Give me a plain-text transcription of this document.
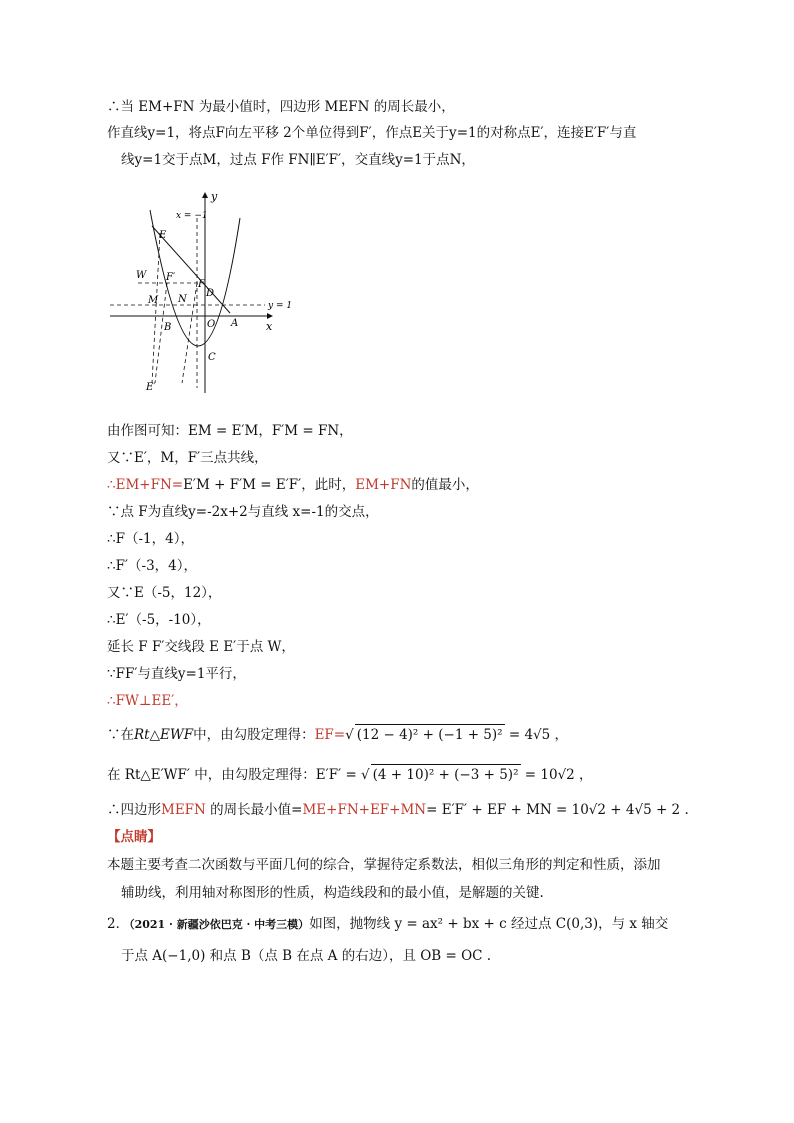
∴当 EM+FN 为最小值时，四边形 MEFN 的周长最小，
作直线y=1，将点F向左平移 2个单位得到F′，作点E关于y=1的对称点E′，连接E′F′与直
线y=1交于点M，过点 F作 FN∥E′F′，交直线y=1于点N，
y
x
x = −1
y = 1
E
W F′
F
D
M N
O A
B
C
E′
由作图可知：EM = E′M，F′M = FN，
又∵E′，M，F′三点共线，
∴EM+FN=E′M + F′M = E′F′，此时，EM+FN的值最小，
∵点 F为直线y=-2x+2与直线 x=-1的交点，
∴F（-1，4），
∴F′（-3，4），
又∵E（-5，12），
∴E′（-5，-10），
延长 F F′交线段 E E′于点 W，
∵FF′与直线y=1平行，
∴FW⊥EE′，
∵在Rt△EWF中，由勾股定理得：EF=√ (12 − 4)² + (−1 + 5)² = 4√5 ，
在 Rt△E′WF′ 中，由勾股定理得：E′F′ = √ (4 + 10)² + (−3 + 5)² = 10√2 ，
∴四边形MEFN 的周长最小值=ME+FN+EF+MN= E′F′ + EF + MN = 10√2 + 4√5 + 2 .
【点睛】
本题主要考查二次函数与平面几何的综合，掌握待定系数法，相似三角形的判定和性质，添加
辅助线，利用轴对称图形的性质，构造线段和的最小值，是解题的关键.
2．（2021 · 新疆沙依巴克 · 中考三模）如图，抛物线 y = ax² + bx + c 经过点 C(0,3)，与 x 轴交
于点 A(−1,0) 和点 B（点 B 在点 A 的右边），且 OB = OC .
